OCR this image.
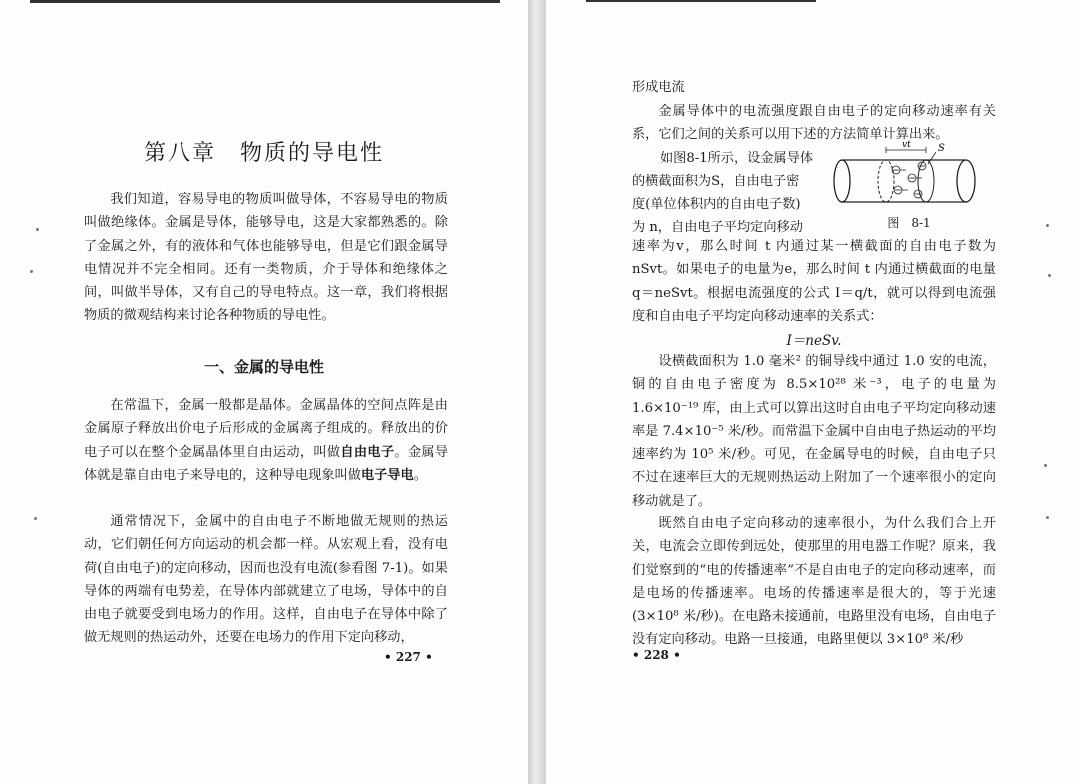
第八章　物质的导电性

我们知道，容易导电的物质叫做导体，不容易导电的物质叫做绝缘体。金属是导体，能够导电，这是大家都熟悉的。除了金属之外，有的液体和气体也能够导电，但是它们跟金属导电情况并不完全相同。还有一类物质，介于导体和绝缘体之间，叫做半导体，又有自己的导电特点。这一章，我们将根据物质的微观结构来讨论各种物质的导电性。

一、金属的导电性

在常温下，金属一般都是晶体。金属晶体的空间点阵是由金属原子释放出价电子后形成的金属离子组成的。释放出的价电子可以在整个金属晶体里自由运动，叫做自由电子。金属导体就是靠自由电子来导电的，这种导电现象叫做电子导电。

通常情况下，金属中的自由电子不断地做无规则的热运动，它们朝任何方向运动的机会都一样。从宏观上看，没有电荷(自由电子)的定向移动，因而也没有电流(参看图 7-1)。如果导体的两端有电势差，在导体内部就建立了电场，导体中的自由电子就要受到电场力的作用。这样，自由电子在导体中除了做无规则的热运动外，还要在电场力的作用下定向移动，

• 227 •
形成电流

金属导体中的电流强度跟自由电子的定向移动速率有关系，它们之间的关系可以用下述的方法简单计算出来。

如图8-1所示，设金属导体
的横截面积为S，自由电子密
度(单位体积内的自由电子数)
为 n，自由电子平均定向移动
vt	S
图　8-1

速率为v，那么时间 t 内通过某一横截面的自由电子数为 nSvt。如果电子的电量为e，那么时间 t 内通过横截面的电量 q＝neSvt。根据电流强度的公式 I＝q/t，就可以得到电流强度和自由电子平均定向移动速率的关系式：

I＝neSv.

设横截面积为 1.0 毫米² 的铜导线中通过 1.0 安的电流，铜的自由电子密度为 8.5×10²⁸ 米⁻³，电子的电量为 1.6×10⁻¹⁹ 库，由上式可以算出这时自由电子平均定向移动速率是 7.4×10⁻⁵ 米/秒。而常温下金属中自由电子热运动的平均速率约为 10⁵ 米/秒。可见，在金属导电的时候，自由电子只不过在速率巨大的无规则热运动上附加了一个速率很小的定向移动就是了。

既然自由电子定向移动的速率很小，为什么我们合上开关，电流会立即传到远处，使那里的用电器工作呢？原来，我们觉察到的“电的传播速率”不是自由电子的定向移动速率，而是电场的传播速率。电场的传播速率是很大的，等于光速(3×10⁸ 米/秒)。在电路未接通前，电路里没有电场，自由电子没有定向移动。电路一旦接通，电路里便以 3×10⁸ 米/秒

• 228 •
